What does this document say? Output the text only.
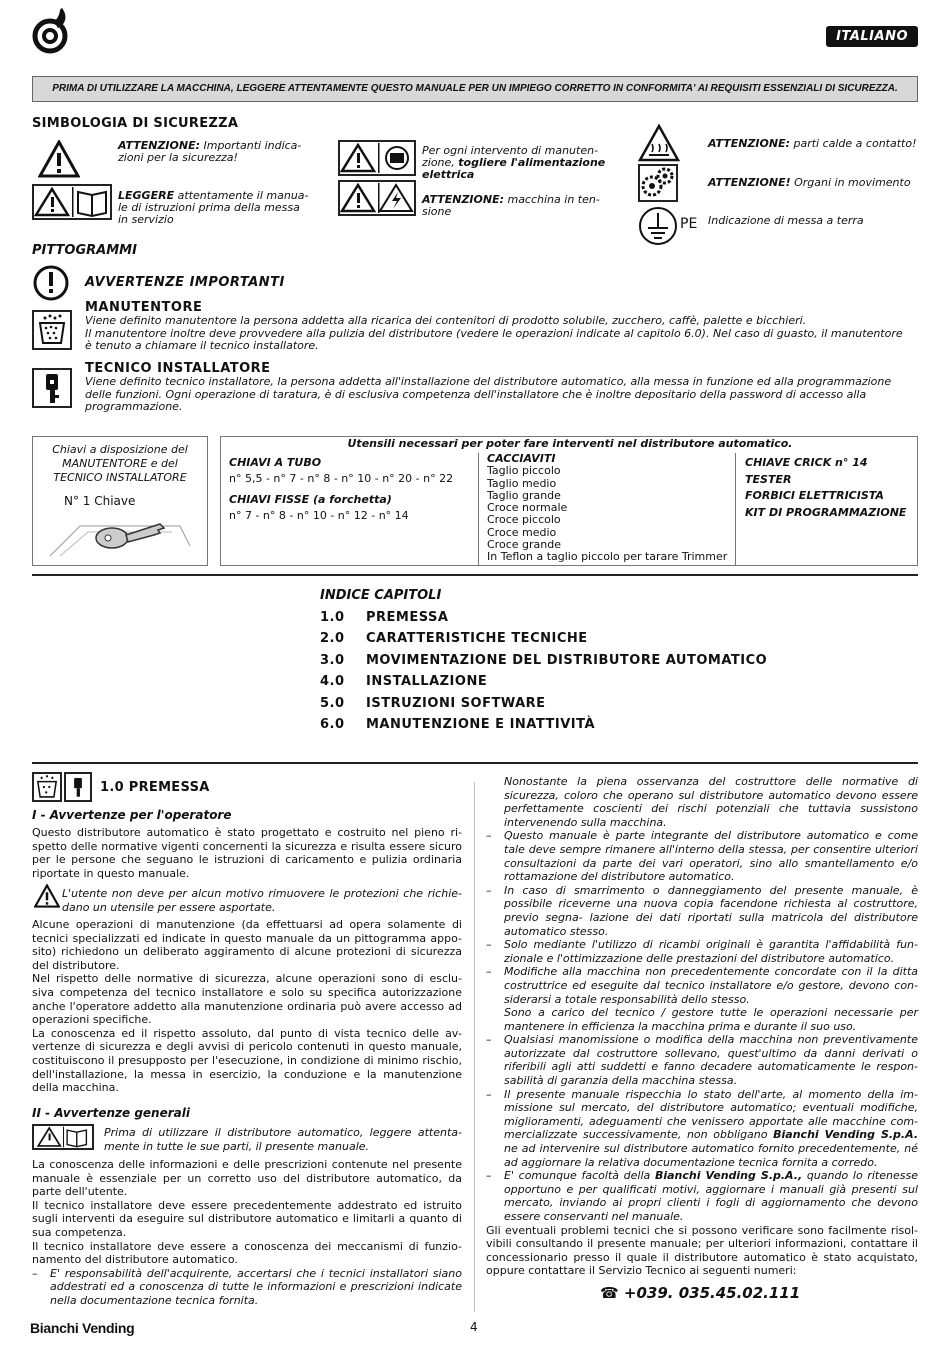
ITALIANO
PRIMA DI UTILIZZARE LA MACCHINA, LEGGERE ATTENTAMENTE QUESTO MANUALE PER UN IMPIEGO CORRETTO IN CONFORMITA' AI REQUISITI ESSENZIALI DI SICUREZZA.
SIMBOLOGIA DI SICUREZZA
ATTENZIONE: Importanti indica- zioni per la sicurezza!
LEGGERE attentamente il manua- le di istruzioni prima della messa in servizio
Per ogni intervento di manuten- zione, togliere l'alimentazione elettrica
ATTENZIONE: macchina in ten- sione
PE
ATTENZIONE: parti calde a contatto!
ATTENZIONE! Organi in movimento
Indicazione di messa a terra
PITTOGRAMMI
AVVERTENZE IMPORTANTI
MANUTENTORE
Viene definito manutentore la persona addetta alla ricarica dei contenitori di prodotto solubile, zucchero, caffè, palette e bicchieri.
Il manutentore inoltre deve provvedere alla pulizia del distributore (vedere le operazioni indicate al capitolo 6.0). Nel caso di guasto, il manutentore
è tenuto a chiamare il tecnico installatore.
TECNICO INSTALLATORE
Viene definito tecnico installatore, la persona addetta all'installazione del distributore automatico, alla messa in funzione ed alla programmazione
delle funzioni. Ogni operazione di taratura, è di esclusiva competenza dell'installatore che è inoltre depositario della password di accesso alla
programmazione.
Chiavi a disposizione del
MANUTENTORE e del
TECNICO INSTALLATORE
N° 1 Chiave
Utensili necessari per poter fare interventi nel distributore automatico.
CHIAVI A TUBO
n° 5,5 - n° 7 - n° 8 - n° 10 - n° 20 - n° 22
CHIAVI FISSE (a forchetta)
n° 7 - n° 8 - n° 10 - n° 12 - n° 14
CACCIAVITI
Taglio piccolo
Taglio medio
Taglio grande
Croce normale
Croce piccolo
Croce medio
Croce grande
In Teflon a taglio piccolo per tarare Trimmer
CHIAVE CRICK n° 14
TESTER
FORBICI ELETTRICISTA
KIT DI PROGRAMMAZIONE
INDICE CAPITOLI
1.0 PREMESSA
2.0 CARATTERISTICHE TECNICHE
3.0 MOVIMENTAZIONE DEL DISTRIBUTORE AUTOMATICO
4.0 INSTALLAZIONE
5.0 ISTRUZIONI SOFTWARE
6.0 MANUTENZIONE E INATTIVITÀ
1.0 PREMESSA
I - Avvertenze per l'operatore
Questo distributore automatico è stato progettato e costruito nel pieno ri- spetto delle normative vigenti concernenti la sicurezza e risulta essere sicuro per le persone che seguano le istruzioni di caricamento e pulizia ordinaria riportate in questo manuale.
L'utente non deve per alcun motivo rimuovere le protezioni che richie- dano un utensile per essere asportate.
Alcune operazioni di manutenzione (da effettuarsi ad opera solamente di tecnici specializzati ed indicate in questo manuale da un pittogramma appo- sito) richiedono un deliberato aggiramento di alcune protezioni di sicurezza del distributore.
Nel rispetto delle normative di sicurezza, alcune operazioni sono di esclu- siva competenza del tecnico installatore e solo su specifica autorizzazione anche l'operatore addetto alla manutenzione ordinaria può avere accesso ad operazioni specifiche.
La conoscenza ed il rispetto assoluto, dal punto di vista tecnico delle av- vertenze di sicurezza e degli avvisi di pericolo contenuti in questo manuale, costituiscono il presupposto per l'esecuzione, in condizione di minimo rischio, dell'installazione, la messa in esercizio, la conduzione e la manutenzione della macchina.
II - Avvertenze generali
Prima di utilizzare il distributore automatico, leggere attenta- mente in tutte le sue parti, il presente manuale.
La conoscenza delle informazioni e delle prescrizioni contenute nel presente manuale è essenziale per un corretto uso del distributore automatico, da parte dell'utente.
Il tecnico installatore deve essere precedentemente addestrato ed istruito sugli interventi da eseguire sul distributore automatico e limitarli a quanto di sua competenza.
Il tecnico installatore deve essere a conoscenza dei meccanismi di funzio- namento del distributore automatico.
– E' responsabilità dell'acquirente, accertarsi che i tecnici installatori siano addestrati ed a conoscenza di tutte le informazioni e prescrizioni indicate nella documentazione tecnica fornita.
Nonostante la piena osservanza del costruttore delle normative di sicurezza, coloro che operano sul distributore automatico devono essere perfettamente coscienti dei rischi potenziali che tuttavia sussistono intervenendo sulla macchina.
– Questo manuale è parte integrante del distributore automatico e come tale deve sempre rimanere all'interno della stessa, per consentire ulteriori consultazioni da parte dei vari operatori, sino allo smantellamento e/o rottamazione del distributore automatico.
– In caso di smarrimento o danneggiamento del presente manuale, è possibile riceverne una nuova copia facendone richiesta al costruttore, previo segna- lazione dei dati riportati sulla matricola del distributore automatico stesso.
– Solo mediante l'utilizzo di ricambi originali è garantita l'affidabilità fun- zionale e l'ottimizzazione delle prestazioni del distributore automatico.
– Modifiche alla macchina non precedentemente concordate con il la ditta costruttrice ed eseguite dal tecnico installatore e/o gestore, devono con- siderarsi a totale responsabilità dello stesso.
Sono a carico del tecnico / gestore tutte le operazioni necessarie per mantenere in efficienza la macchina prima e durante il suo uso.
– Qualsiasi manomissione o modifica della macchina non preventivamente autorizzate dal costruttore sollevano, quest'ultimo da danni derivati o riferibili agli atti suddetti e fanno decadere automaticamente le respon- sabilità di garanzia della macchina stessa.
– Il presente manuale rispecchia lo stato dell'arte, al momento della im- missione sul mercato, del distributore automatico; eventuali modifiche, miglioramenti, adeguamenti che venissero apportate alle macchine com- mercializzate successivamente, non obbligano Bianchi Vending S.p.A. ne ad intervenire sul distributore automatico fornito precedentemente, né ad aggiornare la relativa documentazione tecnica fornita a corredo.
– E' comunque facoltà della Bianchi Vending S.p.A., quando lo ritenesse opportuno e per qualificati motivi, aggiornare i manuali già presenti sul mercato, inviando ai propri clienti i fogli di aggiornamento che devono essere conservanti nel manuale.
Gli eventuali problemi tecnici che si possono verificare sono facilmente risol- vibili consultando il presente manuale; per ulteriori informazioni, contattare il concessionario presso il quale il distributore automatico è stato acquistato, oppure contattare il Servizio Tecnico ai seguenti numeri:
☎ +039. 035.45.02.111
Bianchi Vending	4
